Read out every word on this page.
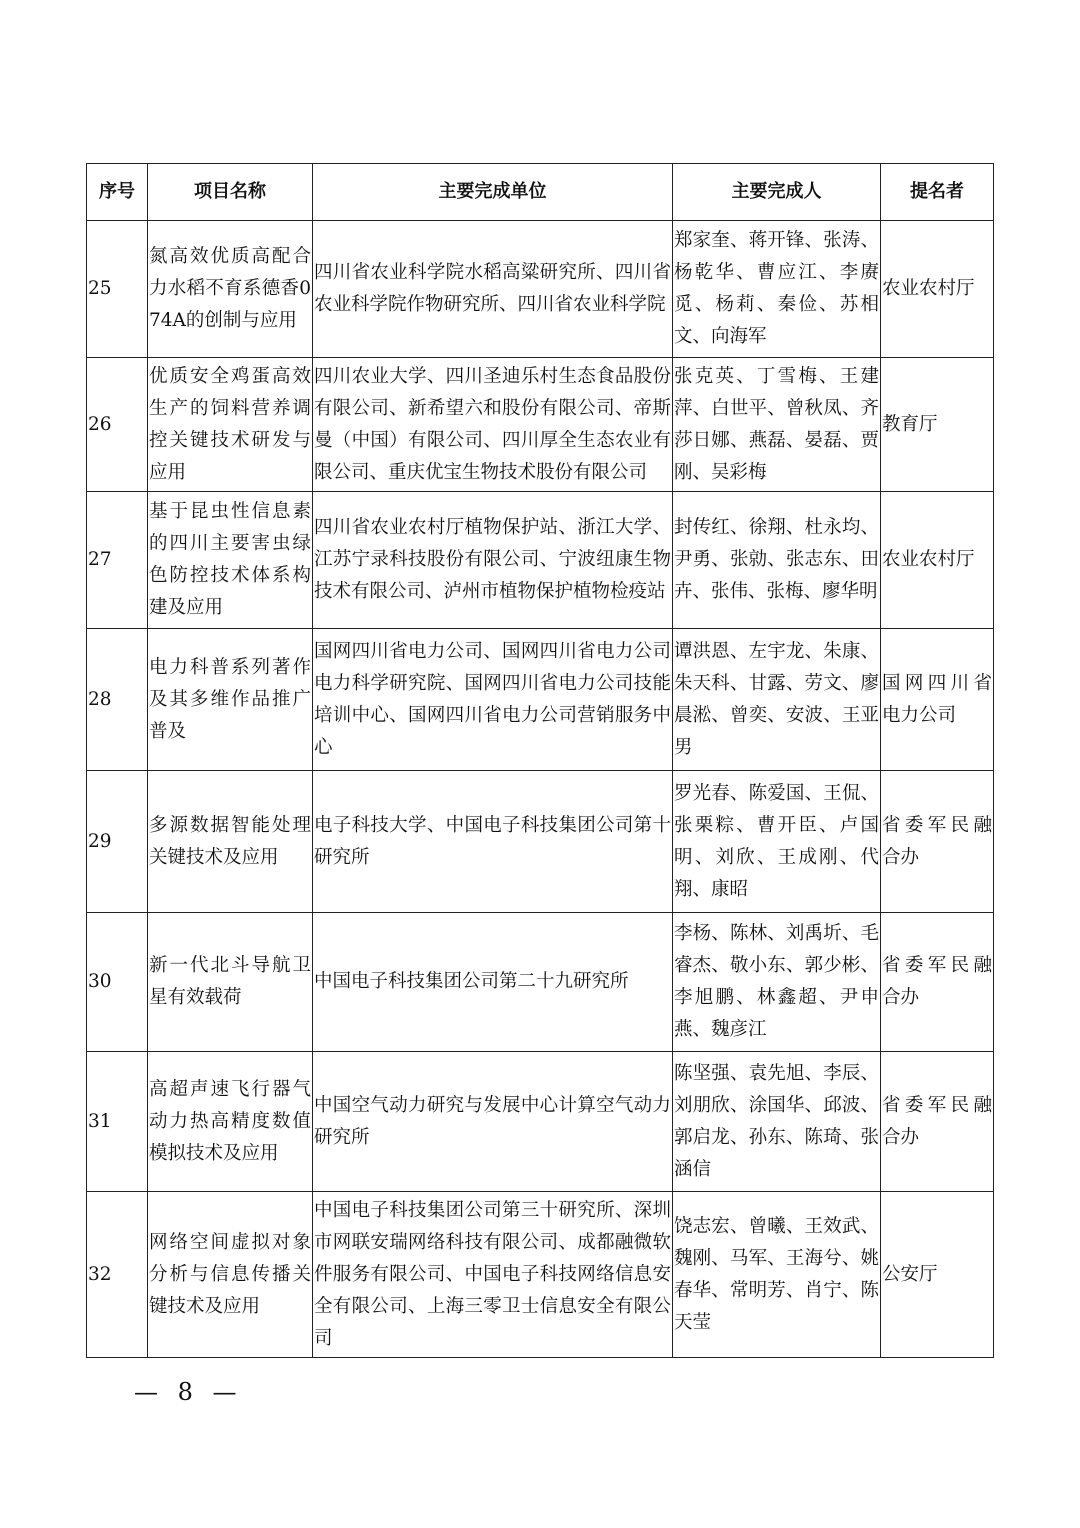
序号	项目名称	主要完成单位	主要完成人	提名者
25	氮高效优质高配合力水稻不育系德香074A的创制与应用	四川省农业科学院水稻高粱研究所、四川省农业科学院作物研究所、四川省农业科学院	郑家奎、蒋开锋、张涛、杨乾华、曹应江、李赓觅、杨莉、秦俭、苏相文、向海军	农业农村厅
26	优质安全鸡蛋高效生产的饲料营养调控关键技术研发与应用	四川农业大学、四川圣迪乐村生态食品股份有限公司、新希望六和股份有限公司、帝斯曼（中国）有限公司、四川厚全生态农业有限公司、重庆优宝生物技术股份有限公司	张克英、丁雪梅、王建萍、白世平、曾秋凤、齐莎日娜、燕磊、晏磊、贾刚、吴彩梅	教育厅
27	基于昆虫性信息素的四川主要害虫绿色防控技术体系构建及应用	四川省农业农村厅植物保护站、浙江大学、江苏宁录科技股份有限公司、宁波纽康生物技术有限公司、泸州市植物保护植物检疫站	封传红、徐翔、杜永均、尹勇、张勍、张志东、田卉、张伟、张梅、廖华明	农业农村厅
28	电力科普系列著作及其多维作品推广普及	国网四川省电力公司、国网四川省电力公司电力科学研究院、国网四川省电力公司技能培训中心、国网四川省电力公司营销服务中心	谭洪恩、左宇龙、朱康、朱天科、甘露、劳文、廖晨淞、曾奕、安波、王亚男	国网四川省电力公司
29	多源数据智能处理关键技术及应用	电子科技大学、中国电子科技集团公司第十研究所	罗光春、陈爱国、王侃、张栗粽、曹开臣、卢国明、刘欣、王成刚、代翔、康昭	省委军民融合办
30	新一代北斗导航卫星有效载荷	中国电子科技集团公司第二十九研究所	李杨、陈林、刘禹圻、毛睿杰、敬小东、郭少彬、李旭鹏、林鑫超、尹申燕、魏彦江	省委军民融合办
31	高超声速飞行器气动力热高精度数值模拟技术及应用	中国空气动力研究与发展中心计算空气动力研究所	陈坚强、袁先旭、李辰、刘朋欣、涂国华、邱波、郭启龙、孙东、陈琦、张涵信	省委军民融合办
32	网络空间虚拟对象分析与信息传播关键技术及应用	中国电子科技集团公司第三十研究所、深圳市网联安瑞网络科技有限公司、成都融微软件服务有限公司、中国电子科技网络信息安全有限公司、上海三零卫士信息安全有限公司	饶志宏、曾曦、王效武、魏刚、马军、王海兮、姚春华、常明芳、肖宁、陈天莹	公安厅
— 8 —
